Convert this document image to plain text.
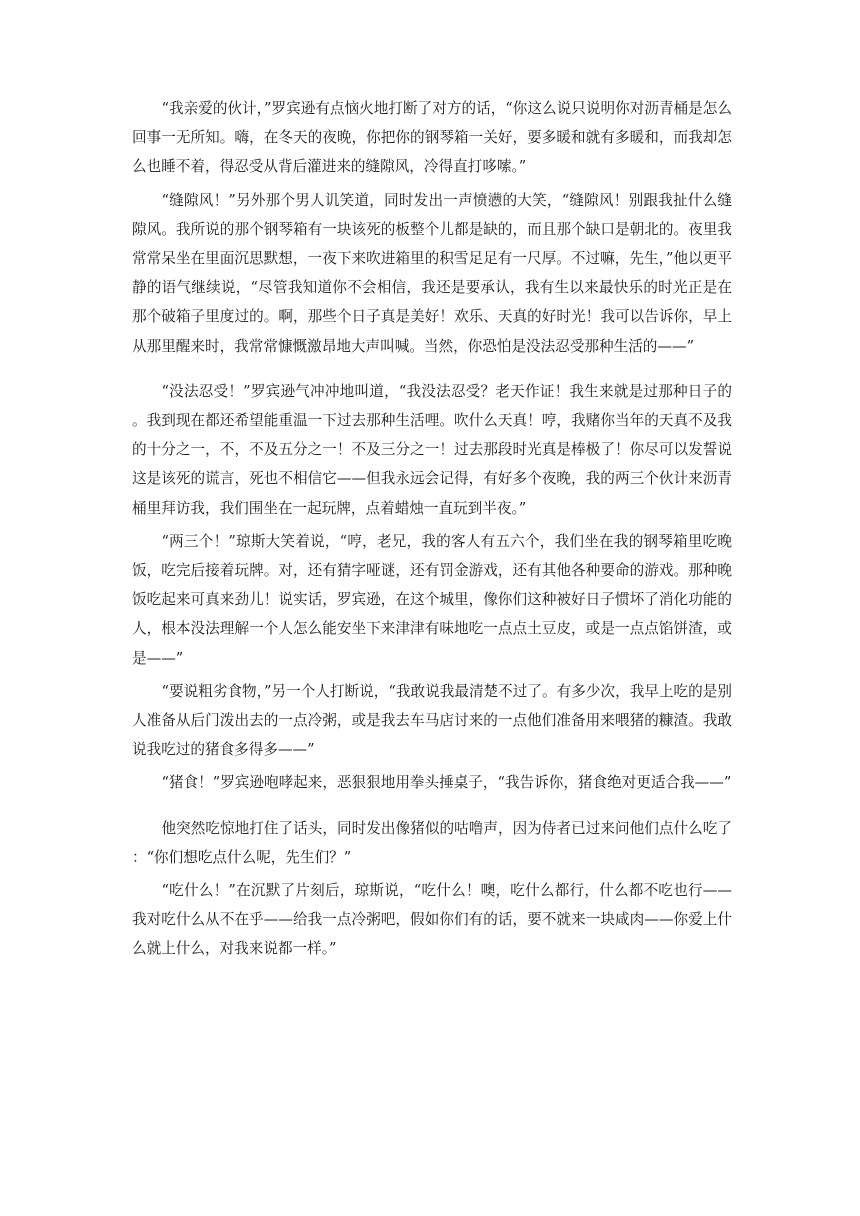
“我亲爱的伙计，”罗宾逊有点恼火地打断了对方的话，“你这么说只说明你对沥青桶是怎么回事一无所知。嗨，在冬天的夜晚，你把你的钢琴箱一关好，要多暖和就有多暖和，而我却怎么也睡不着，得忍受从背后灌进来的缝隙风，冷得直打哆嗦。”

“缝隙风！”另外那个男人讥笑道，同时发出一声愤懑的大笑，“缝隙风！别跟我扯什么缝隙风。我所说的那个钢琴箱有一块该死的板整个儿都是缺的，而且那个缺口是朝北的。夜里我常常呆坐在里面沉思默想，一夜下来吹进箱里的积雪足足有一尺厚。不过嘛，先生，”他以更平静的语气继续说，“尽管我知道你不会相信，我还是要承认，我有生以来最快乐的时光正是在那个破箱子里度过的。啊，那些个日子真是美好！欢乐、天真的好时光！我可以告诉你，早上从那里醒来时，我常常慷慨激昂地大声叫喊。当然，你恐怕是没法忍受那种生活的——”

“没法忍受！”罗宾逊气冲冲地叫道，“我没法忍受？老天作证！我生来就是过那种日子的。我到现在都还希望能重温一下过去那种生活哩。吹什么天真！哼，我赌你当年的天真不及我的十分之一，不，不及五分之一！不及三分之一！过去那段时光真是棒极了！你尽可以发誓说这是该死的谎言，死也不相信它——但我永远会记得，有好多个夜晚，我的两三个伙计来沥青桶里拜访我，我们围坐在一起玩牌，点着蜡烛一直玩到半夜。”

“两三个！”琼斯大笑着说，“哼，老兄，我的客人有五六个，我们坐在我的钢琴箱里吃晚饭，吃完后接着玩牌。对，还有猜字哑谜，还有罚金游戏，还有其他各种要命的游戏。那种晚饭吃起来可真来劲儿！说实话，罗宾逊，在这个城里，像你们这种被好日子惯坏了消化功能的人，根本没法理解一个人怎么能安坐下来津津有味地吃一点点土豆皮，或是一点点馅饼渣，或是——”

“要说粗劣食物，”另一个人打断说，“我敢说我最清楚不过了。有多少次，我早上吃的是别人准备从后门泼出去的一点冷粥，或是我去车马店讨来的一点他们准备用来喂猪的糠渣。我敢说我吃过的猪食多得多——”

“猪食！”罗宾逊咆哮起来，恶狠狠地用拳头捶桌子，“我告诉你，猪食绝对更适合我——”

他突然吃惊地打住了话头，同时发出像猪似的咕噜声，因为侍者已过来问他们点什么吃了：“你们想吃点什么呢，先生们？”

“吃什么！”在沉默了片刻后，琼斯说，“吃什么！噢，吃什么都行，什么都不吃也行——我对吃什么从不在乎——给我一点冷粥吧，假如你们有的话，要不就来一块咸肉——你爱上什么就上什么，对我来说都一样。”
